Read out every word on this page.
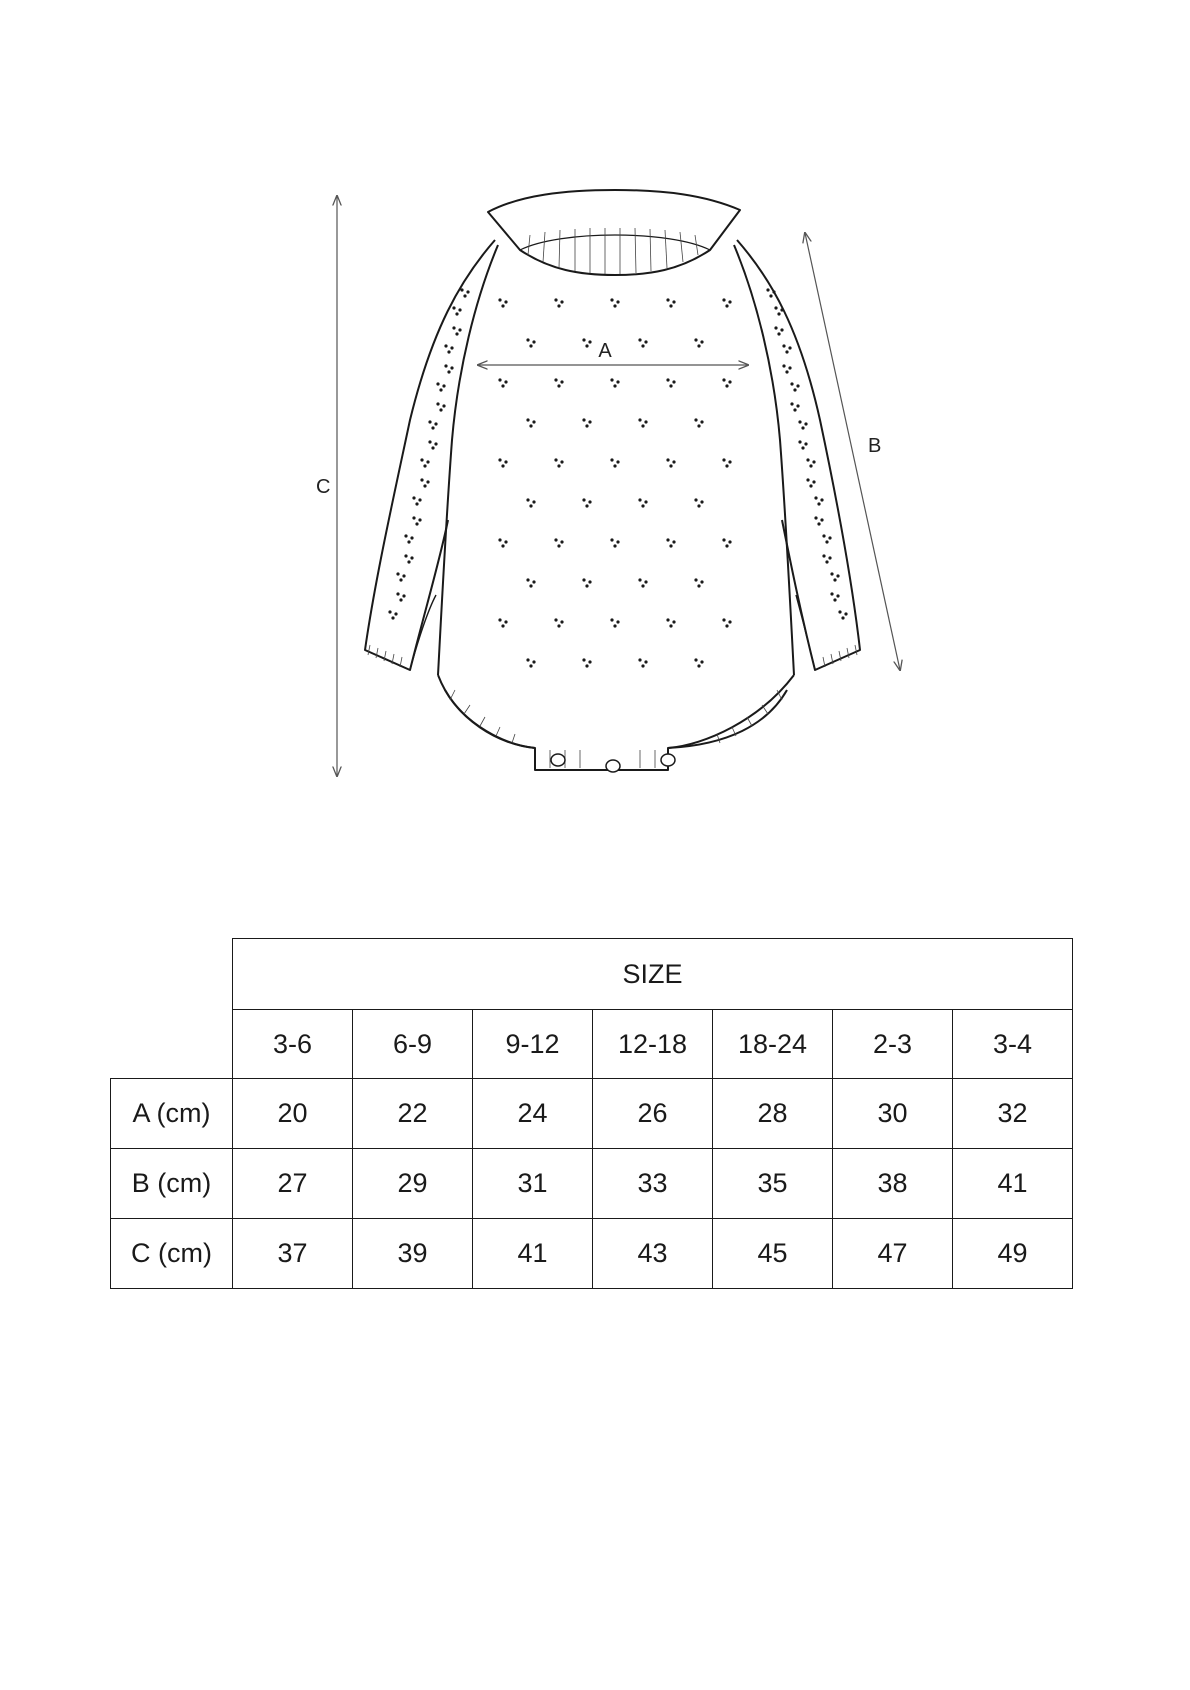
A
B
C
	SIZE						
	3-6	6-9	9-12	12-18	18-24	2-3	3-4
A (cm)	20	22	24	26	28	30	32
B (cm)	27	29	31	33	35	38	41
C (cm)	37	39	41	43	45	47	49
